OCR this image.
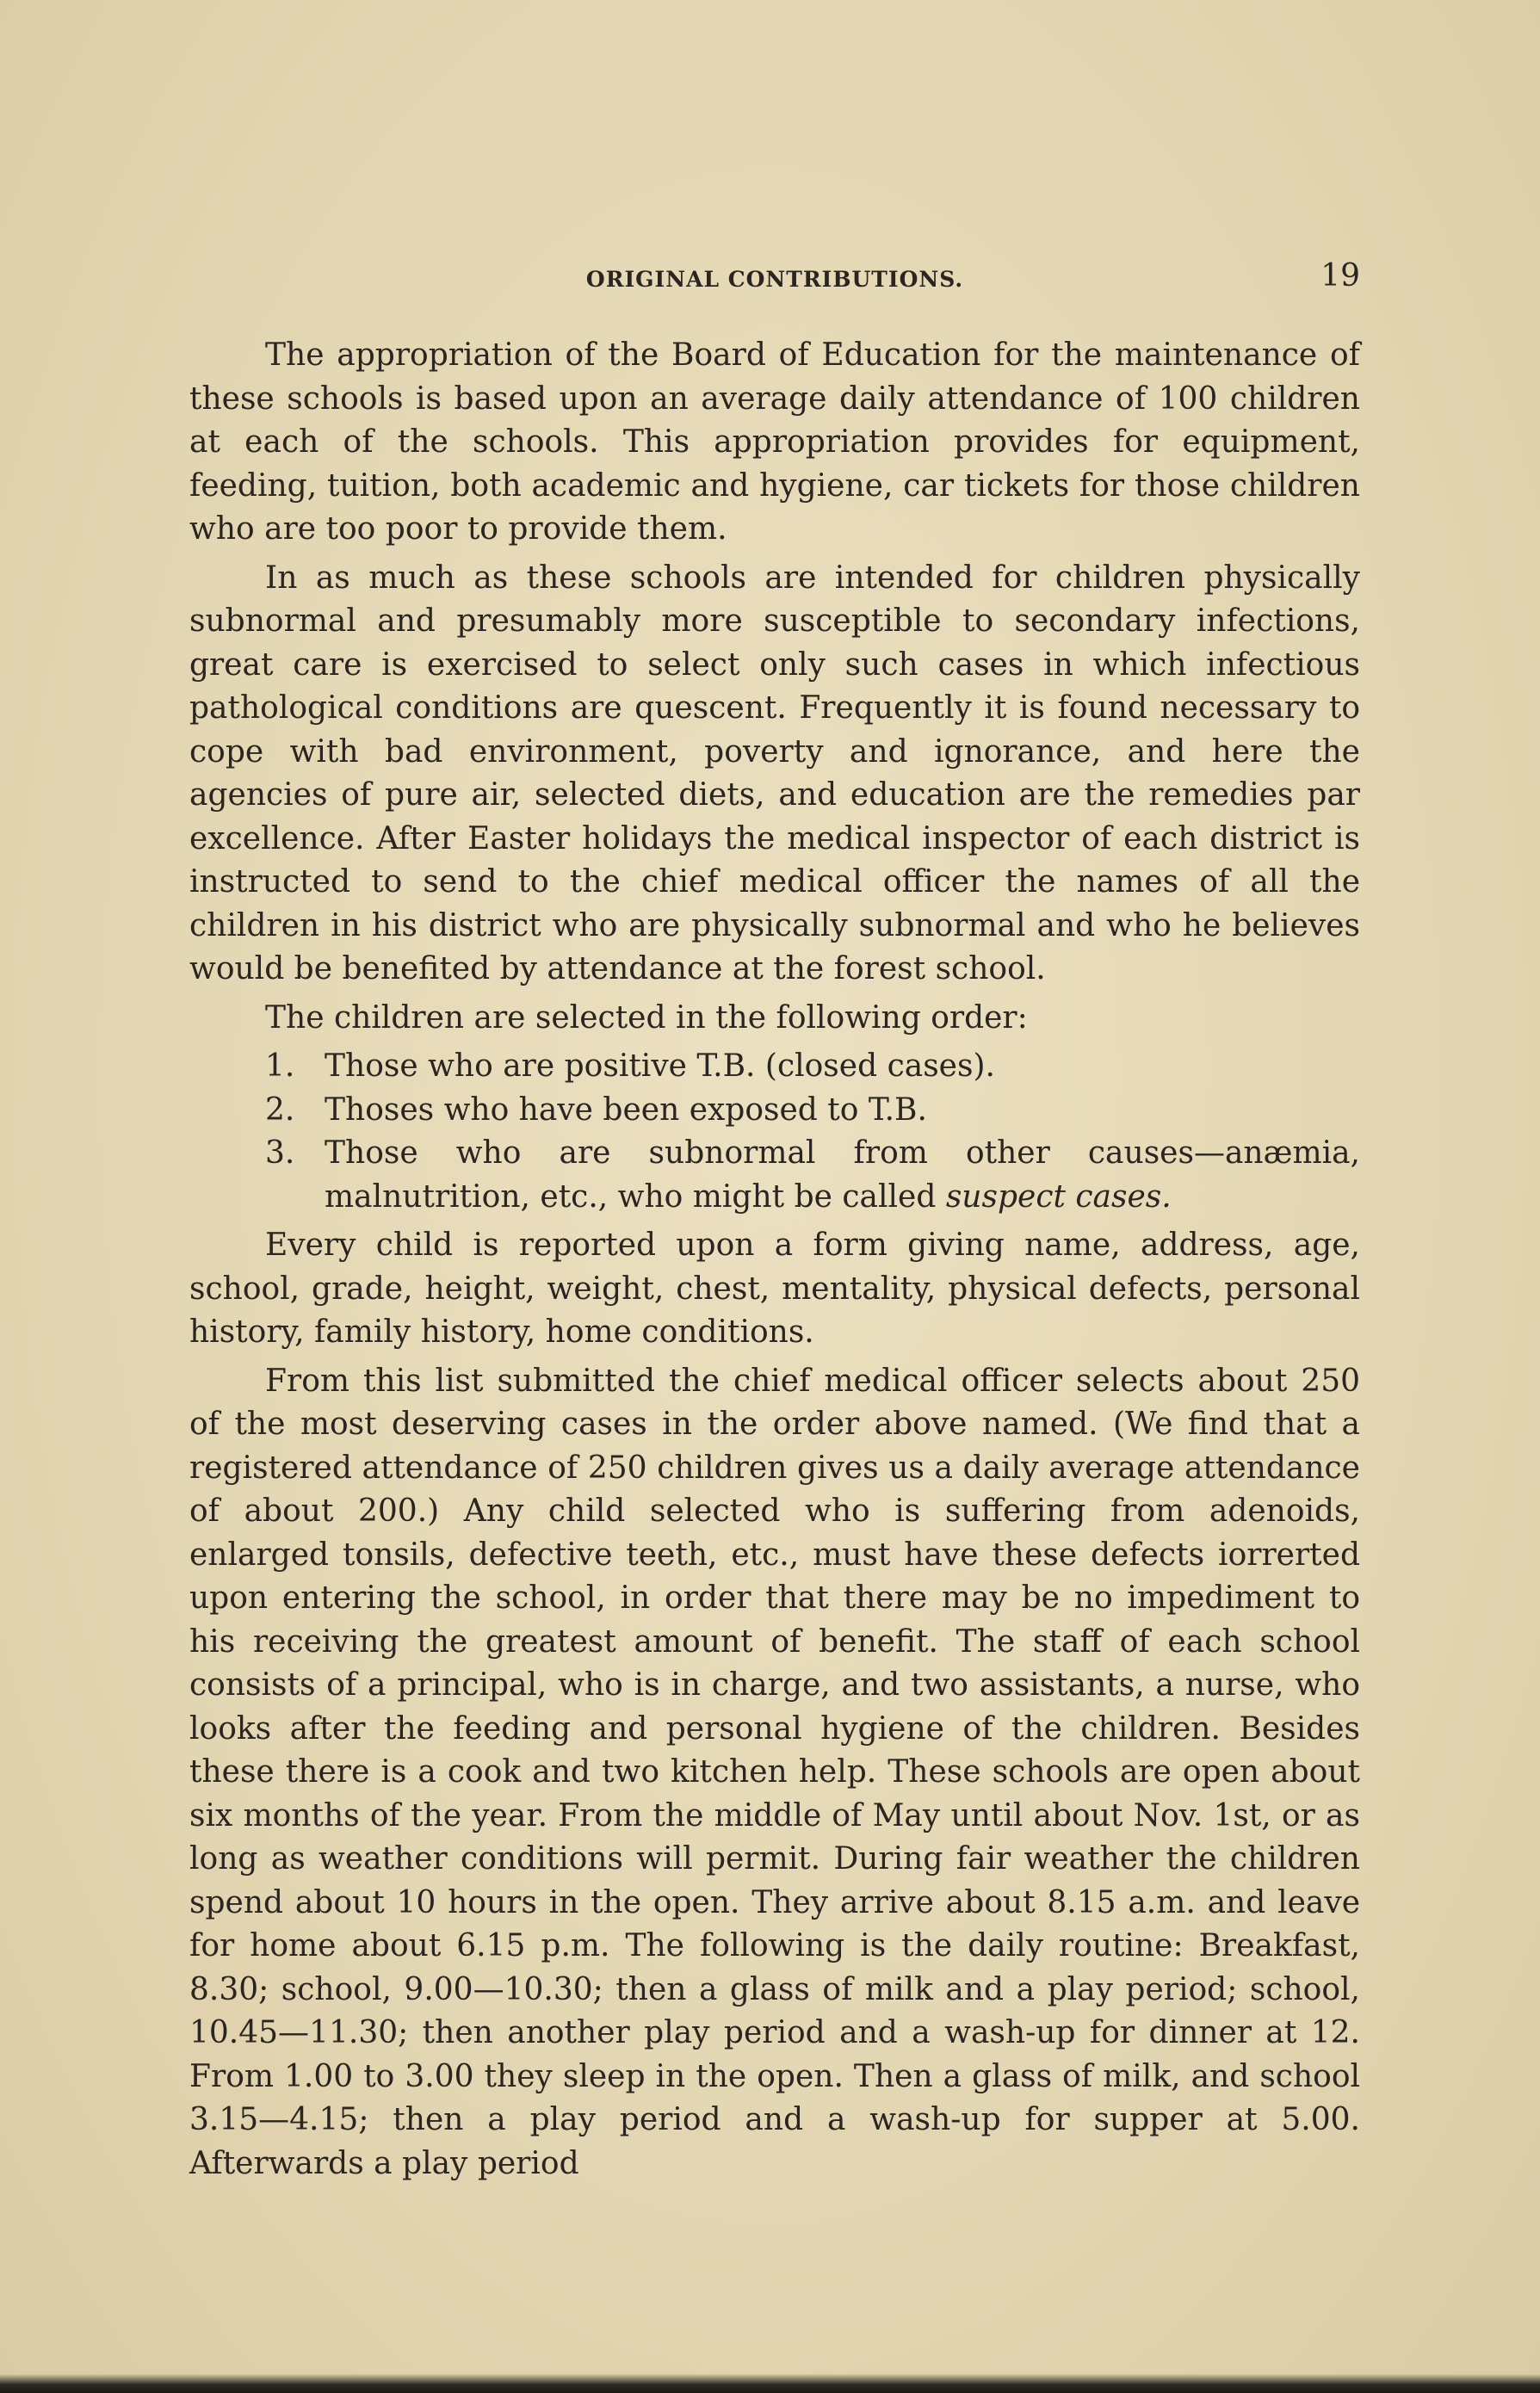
ORIGINAL CONTRIBUTIONS.	19

The appropriation of the Board of Education for the maintenance of these schools is based upon an average daily attendance of 100 children at each of the schools. This appropriation provides for equipment, feeding, tuition, both academic and hygiene, car tickets for those children who are too poor to provide them.

In as much as these schools are intended for children physically subnormal and presumably more susceptible to secondary infections, great care is exercised to select only such cases in which infectious pathological conditions are quescent. Frequently it is found necessary to cope with bad environment, poverty and ignorance, and here the agencies of pure air, selected diets, and education are the remedies par excellence. After Easter holidays the medical inspector of each district is instructed to send to the chief medical officer the names of all the children in his district who are physically subnormal and who he believes would be benefited by attendance at the forest school.

The children are selected in the following order:

1. Those who are positive T.B. (closed cases).
2. Thoses who have been exposed to T.B.
3. Those who are subnormal from other causes—anæmia, malnutrition, etc., who might be called suspect cases.

Every child is reported upon a form giving name, address, age, school, grade, height, weight, chest, mentality, physical defects, personal history, family history, home conditions.

From this list submitted the chief medical officer selects about 250 of the most deserving cases in the order above named. (We find that a registered attendance of 250 children gives us a daily average attendance of about 200.) Any child selected who is suffering from adenoids, enlarged tonsils, defective teeth, etc., must have these defects iorrerted upon entering the school, in order that there may be no impediment to his receiving the greatest amount of benefit. The staff of each school consists of a principal, who is in charge, and two assistants, a nurse, who looks after the feeding and personal hygiene of the children. Besides these there is a cook and two kitchen help. These schools are open about six months of the year. From the middle of May until about Nov. 1st, or as long as weather conditions will permit. During fair weather the children spend about 10 hours in the open. They arrive about 8.15 a.m. and leave for home about 6.15 p.m. The following is the daily routine: Breakfast, 8.30; school, 9.00—10.30; then a glass of milk and a play period; school, 10.45—11.30; then another play period and a wash-up for dinner at 12. From 1.00 to 3.00 they sleep in the open. Then a glass of milk, and school 3.15—4.15; then a play period and a wash-up for supper at 5.00. Afterwards a play period
